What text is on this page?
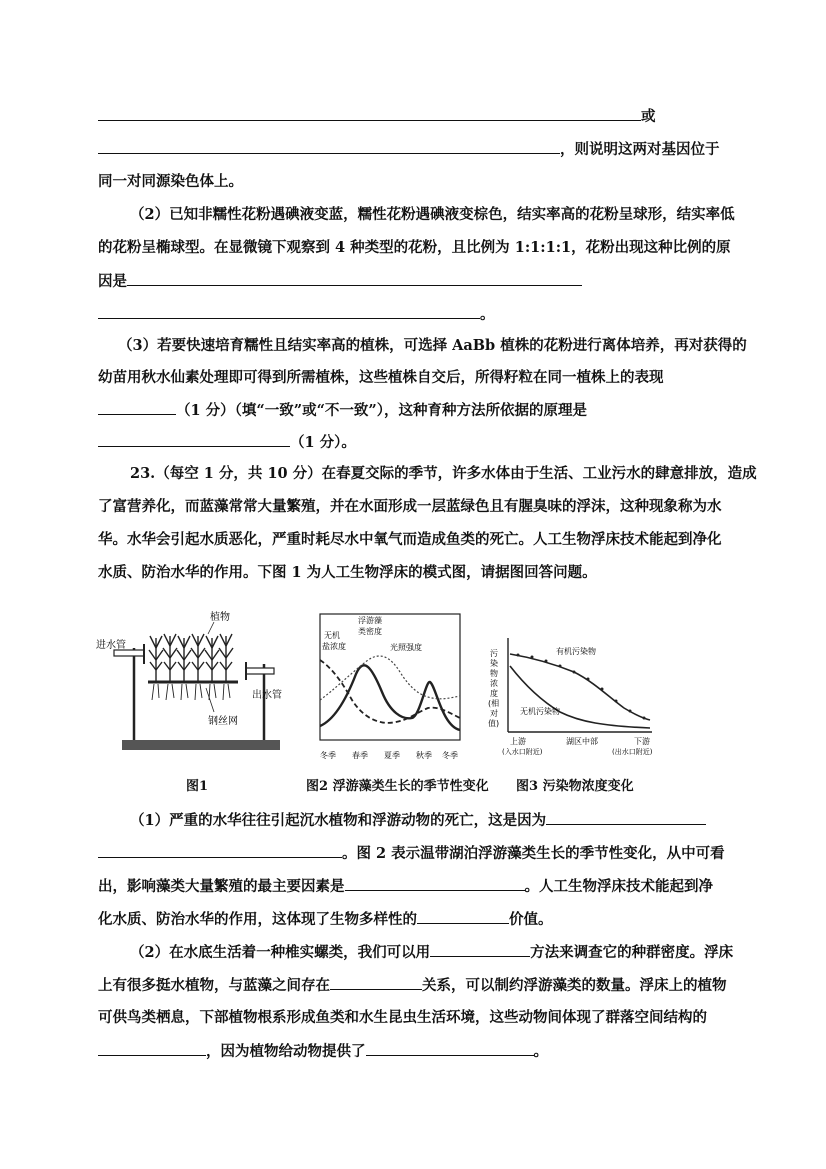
或
，则说明这两对基因位于
同一对同源染色体上。
（2）已知非糯性花粉遇碘液变蓝，糯性花粉遇碘液变棕色，结实率高的花粉呈球形，结实率低
的花粉呈椭球型。在显微镜下观察到 4 种类型的花粉，且比例为 1:1:1:1，花粉出现这种比例的原
因是
。
（3）若要快速培育糯性且结实率高的植株，可选择 AaBb 植株的花粉进行离体培养，再对获得的
幼苗用秋水仙素处理即可得到所需植株，这些植株自交后，所得籽粒在同一植株上的表现
（1 分）（填“一致”或“不一致”），这种育种方法所依据的原理是
（1 分）。
23.（每空 1 分，共 10 分）在春夏交际的季节，许多水体由于生活、工业污水的肆意排放，造成
了富营养化，而蓝藻常常大量繁殖，并在水面形成一层蓝绿色且有腥臭味的浮沫，这种现象称为水
华。水华会引起水质恶化，严重时耗尽水中氧气而造成鱼类的死亡。人工生物浮床技术能起到净化
水质、防治水华的作用。下图 1 为人工生物浮床的模式图，请据图回答问题。
植物
进水管
出水管
钢丝网
图1
无机
盐浓度
浮游藻
类密度
光照强度
冬季 春季 夏季 秋季 冬季
图2 浮游藻类生长的季节性变化
污
染
物
浓
度
(相
对
值)
有机污染物
无机污染物
上游
(入水口附近)
湖区中部	下游
(出水口附近)
图3 污染物浓度变化
（1）严重的水华往往引起沉水植物和浮游动物的死亡，这是因为
。图 2 表示温带湖泊浮游藻类生长的季节性变化，从中可看
出，影响藻类大量繁殖的最主要因素是	。人工生物浮床技术能起到净
化水质、防治水华的作用，这体现了生物多样性的	价值。
（2）在水底生活着一种椎实螺类，我们可以用	方法来调查它的种群密度。浮床
上有很多挺水植物，与蓝藻之间存在	关系，可以制约浮游藻类的数量。浮床上的植物
可供鸟类栖息，下部植物根系形成鱼类和水生昆虫生活环境，这些动物间体现了群落空间结构的
，因为植物给动物提供了	。
